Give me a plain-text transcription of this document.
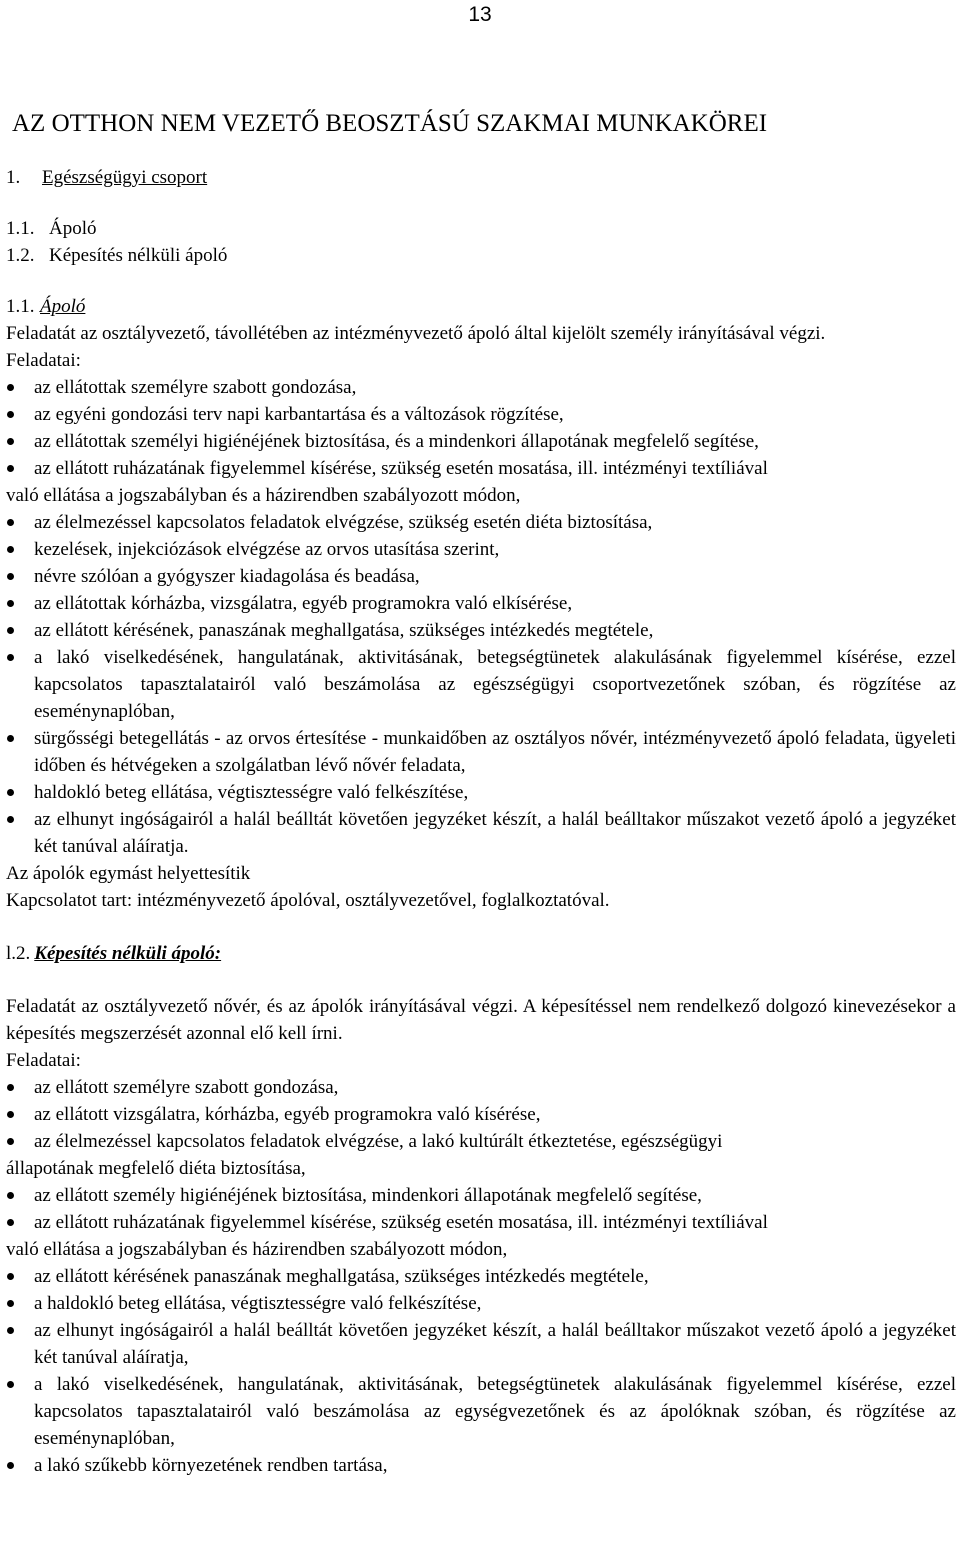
13
AZ OTTHON NEM VEZETŐ BEOSZTÁSÚ SZAKMAI MUNKAKÖREI
1. Egészségügyi csoport
1.1. Ápoló
1.2. Képesítés nélküli ápoló
1.1. Ápoló

Feladatát az osztályvezető, távollétében az intézményvezető ápoló által kijelölt személy irányításával végzi.

Feladatai:

az ellátottak személyre szabott gondozása,
az egyéni gondozási terv napi karbantartása és a változások rögzítése,
az ellátottak személyi higiénéjének biztosítása, és a mindenkori állapotának megfelelő segítése,
az ellátott ruházatának figyelemmel kísérése, szükség esetén mosatása, ill. intézményi textíliával
való ellátása a jogszabályban és a házirendben szabályozott módon,
az élelmezéssel kapcsolatos feladatok elvégzése, szükség esetén diéta biztosítása,
kezelések, injekciózások elvégzése az orvos utasítása szerint,
névre szólóan a gyógyszer kiadagolása és beadása,
az ellátottak kórházba, vizsgálatra, egyéb programokra való elkísérése,
az ellátott kérésének, panaszának meghallgatása, szükséges intézkedés megtétele,
a lakó viselkedésének, hangulatának, aktivitásának, betegségtünetek alakulásának figyelemmel kísérése, ezzel kapcsolatos tapasztalatairól való beszámolása az egészségügyi csoportvezetőnek szóban, és rögzítése az eseménynaplóban,
sürgősségi betegellátás - az orvos értesítése - munkaidőben az osztályos nővér, intézményvezető ápoló feladata, ügyeleti időben és hétvégeken a szolgálatban lévő nővér feladata,
haldokló beteg ellátása, végtisztességre való felkészítése,
az elhunyt ingóságairól a halál beálltát követően jegyzéket készít, a halál beálltakor műszakot vezető ápoló a jegyzéket két tanúval aláíratja.

Az ápolók egymást helyettesítik

Kapcsolatot tart: intézményvezető ápolóval, osztályvezetővel, foglalkoztatóval.

l.2. Képesítés nélküli ápoló:

Feladatát az osztályvezető nővér, és az ápolók irányításával végzi. A képesítéssel nem rendelkező dolgozó kinevezésekor a képesítés megszerzését azonnal elő kell írni.

Feladatai:

az ellátott személyre szabott gondozása,
az ellátott vizsgálatra, kórházba, egyéb programokra való kísérése,
az élelmezéssel kapcsolatos feladatok elvégzése, a lakó kultúrált étkeztetése, egészségügyi
állapotának megfelelő diéta biztosítása,
az ellátott személy higiénéjének biztosítása, mindenkori állapotának megfelelő segítése,
az ellátott ruházatának figyelemmel kísérése, szükség esetén mosatása, ill. intézményi textíliával
való ellátása a jogszabályban és házirendben szabályozott módon,
az ellátott kérésének panaszának meghallgatása, szükséges intézkedés megtétele,
a haldokló beteg ellátása, végtisztességre való felkészítése,
az elhunyt ingóságairól a halál beálltát követően jegyzéket készít, a halál beálltakor műszakot vezető ápoló a jegyzéket két tanúval aláíratja,
a lakó viselkedésének, hangulatának, aktivitásának, betegségtünetek alakulásának figyelemmel kísérése, ezzel kapcsolatos tapasztalatairól való beszámolása az egységvezetőnek és az ápolóknak szóban, és rögzítése az eseménynaplóban,
a lakó szűkebb környezetének rendben tartása,
